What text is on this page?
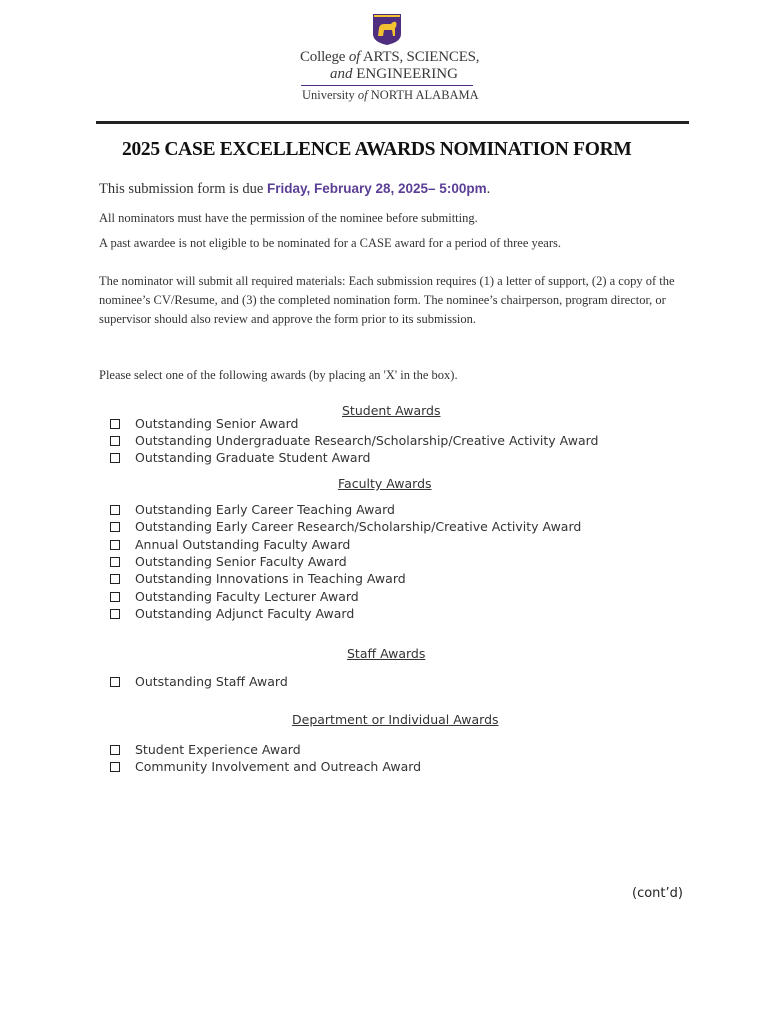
College of ARTS, SCIENCES,
and ENGINEERING
University of NORTH ALABAMA
2025 CASE EXCELLENCE AWARDS NOMINATION FORM
This submission form is due Friday, February 28, 2025– 5:00pm.
All nominators must have the permission of the nominee before submitting.
A past awardee is not eligible to be nominated for a CASE award for a period of three years.
The nominator will submit all required materials: Each submission requires (1) a letter of support, (2) a copy of the nominee’s CV/Resume, and (3) the completed nomination form. The nominee’s chairperson, program director, or supervisor should also review and approve the form prior to its submission.
Please select one of the following awards (by placing an 'X' in the box).
Student Awards
Outstanding Senior Award
Outstanding Undergraduate Research/Scholarship/Creative Activity Award
Outstanding Graduate Student Award
Faculty Awards
Outstanding Early Career Teaching Award
Outstanding Early Career Research/Scholarship/Creative Activity Award
Annual Outstanding Faculty Award
Outstanding Senior Faculty Award
Outstanding Innovations in Teaching Award
Outstanding Faculty Lecturer Award
Outstanding Adjunct Faculty Award
Staff Awards
Outstanding Staff Award
Department or Individual Awards
Student Experience Award
Community Involvement and Outreach Award
(cont’d)
